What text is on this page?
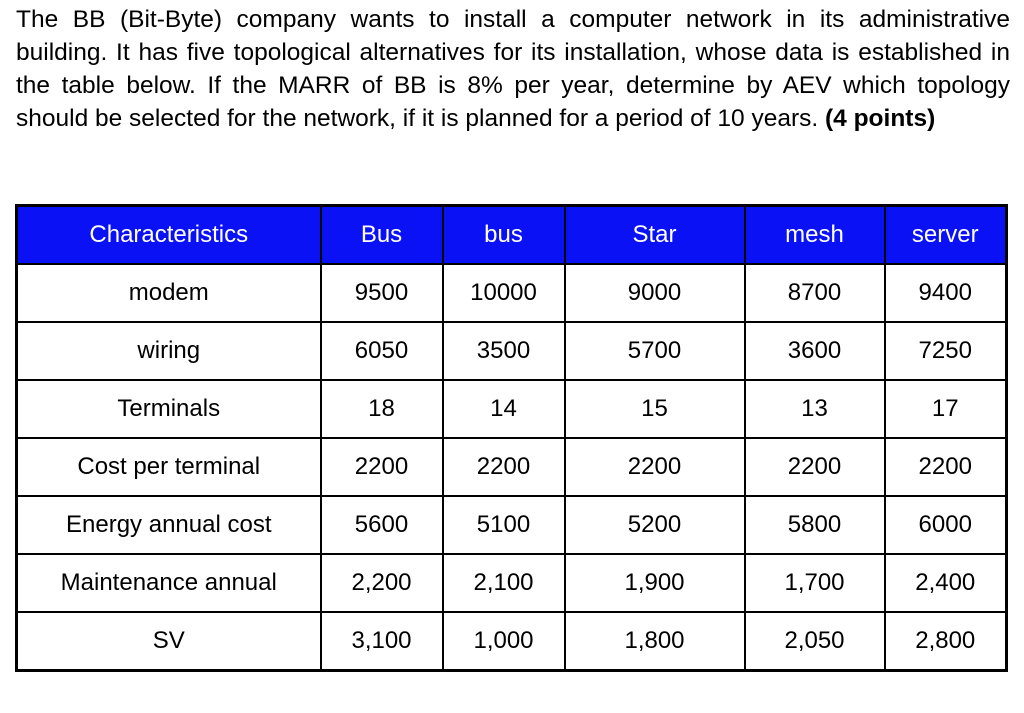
The BB (Bit-Byte) company wants to install a computer network in its administrative building. It has five topological alternatives for its installation, whose data is established in the table below. If the MARR of BB is 8% per year, determine by AEV which topology should be selected for the network, if it is planned for a period of 10 years. (4 points)
Characteristics	Bus	bus	Star	mesh	server
modem	9500	10000	9000	8700	9400
wiring	6050	3500	5700	3600	7250
Terminals	18	14	15	13	17
Cost per terminal	2200	2200	2200	2200	2200
Energy annual cost	5600	5100	5200	5800	6000
Maintenance annual	2,200	2,100	1,900	1,700	2,400
SV	3,100	1,000	1,800	2,050	2,800
